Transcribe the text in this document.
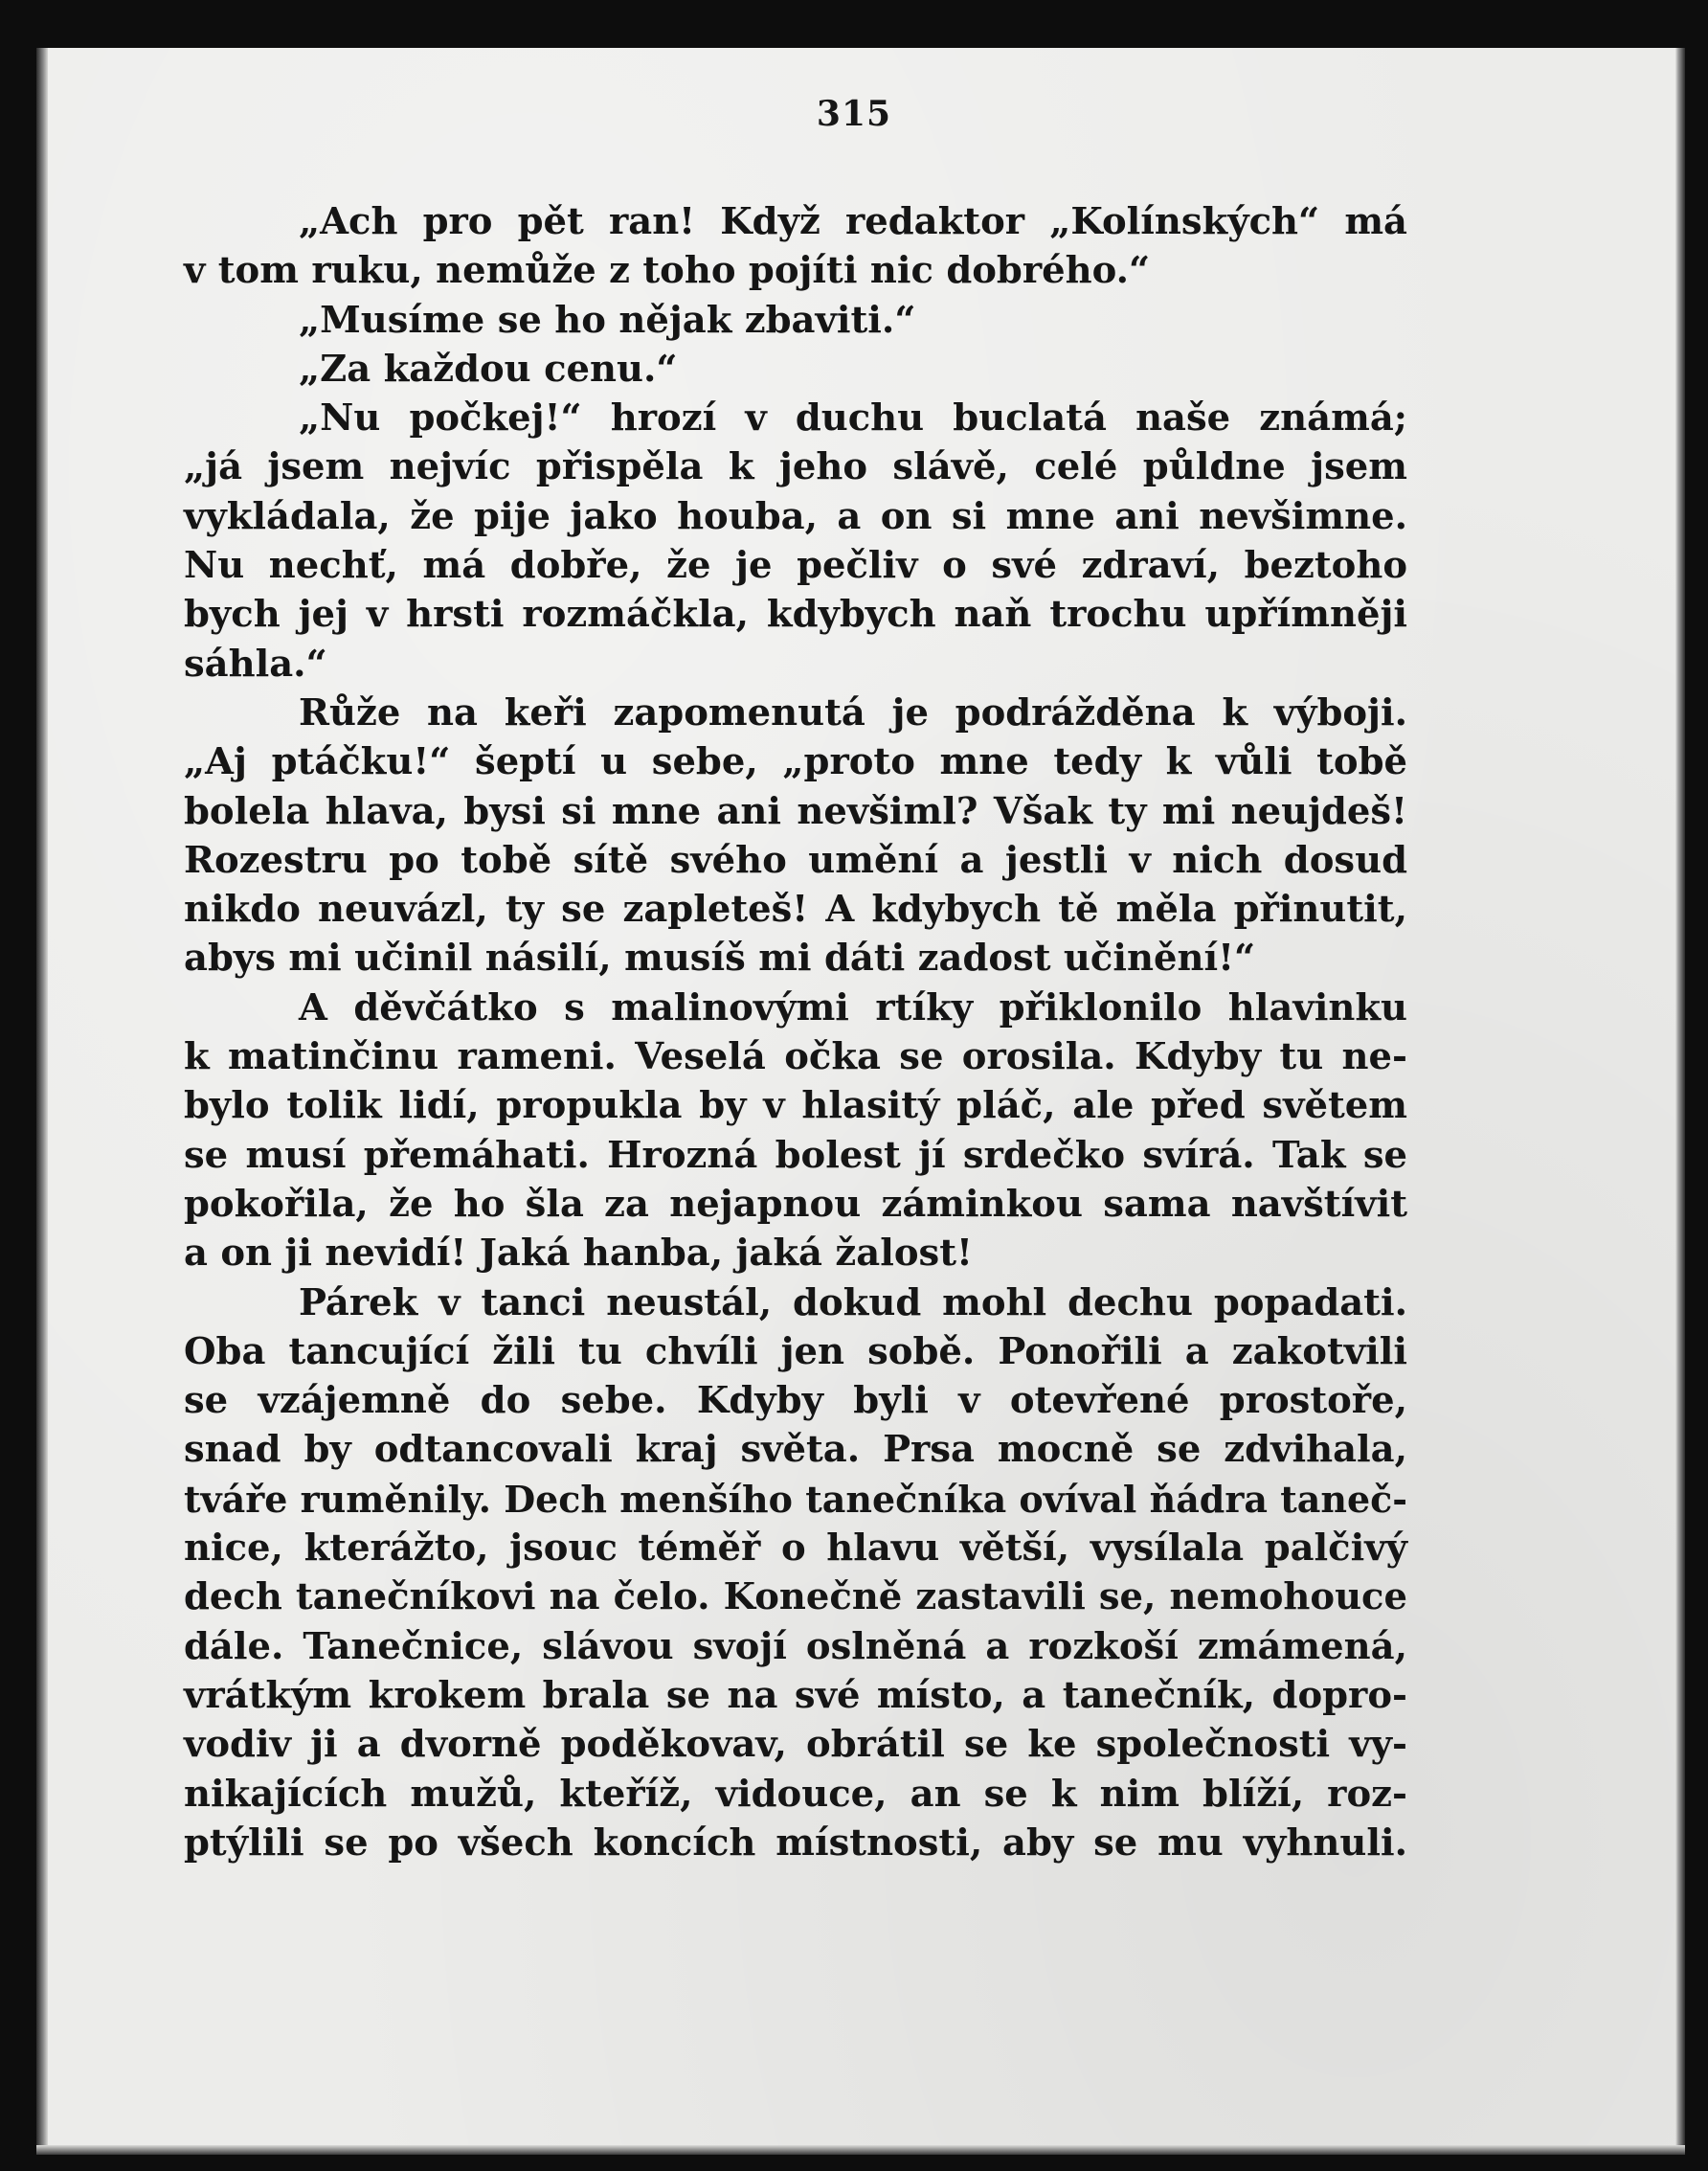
315
„Ach pro pět ran! Když redaktor „Kolínských“ má
v tom ruku, nemůže z toho pojíti nic dobrého.“
„Musíme se ho nějak zbaviti.“
„Za každou cenu.“
„Nu počkej!“ hrozí v duchu buclatá naše známá;
„já jsem nejvíc přispěla k jeho slávě, celé půldne jsem
vykládala, že pije jako houba, a on si mne ani nevšimne.
Nu nechť, má dobře, že je pečliv o své zdraví, beztoho
bych jej v hrsti rozmáčkla, kdybych naň trochu upřímněji
sáhla.“
Růže na keři zapomenutá je podrážděna k výboji.
„Aj ptáčku!“ šeptí u sebe, „proto mne tedy k vůli tobě
bolela hlava, bysi si mne ani nevšiml? Však ty mi neujdeš!
Rozestru po tobě sítě svého umění a jestli v nich dosud
nikdo neuvázl, ty se zapleteš! A kdybych tě měla přinutit,
abys mi učinil násilí, musíš mi dáti zadost učinění!“
A děvčátko s malinovými rtíky přiklonilo hlavinku
k matinčinu rameni. Veselá očka se orosila. Kdyby tu ne-
bylo tolik lidí, propukla by v hlasitý pláč, ale před světem
se musí přemáhati. Hrozná bolest jí srdečko svírá. Tak se
pokořila, že ho šla za nejapnou záminkou sama navštívit
a on ji nevidí! Jaká hanba, jaká žalost!
Párek v tanci neustál, dokud mohl dechu popadati.
Oba tancující žili tu chvíli jen sobě. Ponořili a zakotvili
se vzájemně do sebe. Kdyby byli v otevřené prostoře,
snad by odtancovali kraj světa. Prsa mocně se zdvihala,
tváře ruměnily. Dech menšího tanečníka ovíval ňádra taneč-
nice, kterážto, jsouc téměř o hlavu větší, vysílala palčivý
dech tanečníkovi na čelo. Konečně zastavili se, nemohouce
dále. Tanečnice, slávou svojí oslněná a rozkoší zmámená,
vrátkým krokem brala se na své místo, a tanečník, dopro-
vodiv ji a dvorně poděkovav, obrátil se ke společnosti vy-
nikajících mužů, kteříž, vidouce, an se k nim blíží, roz-
ptýlili se po všech koncích místnosti, aby se mu vyhnuli.
